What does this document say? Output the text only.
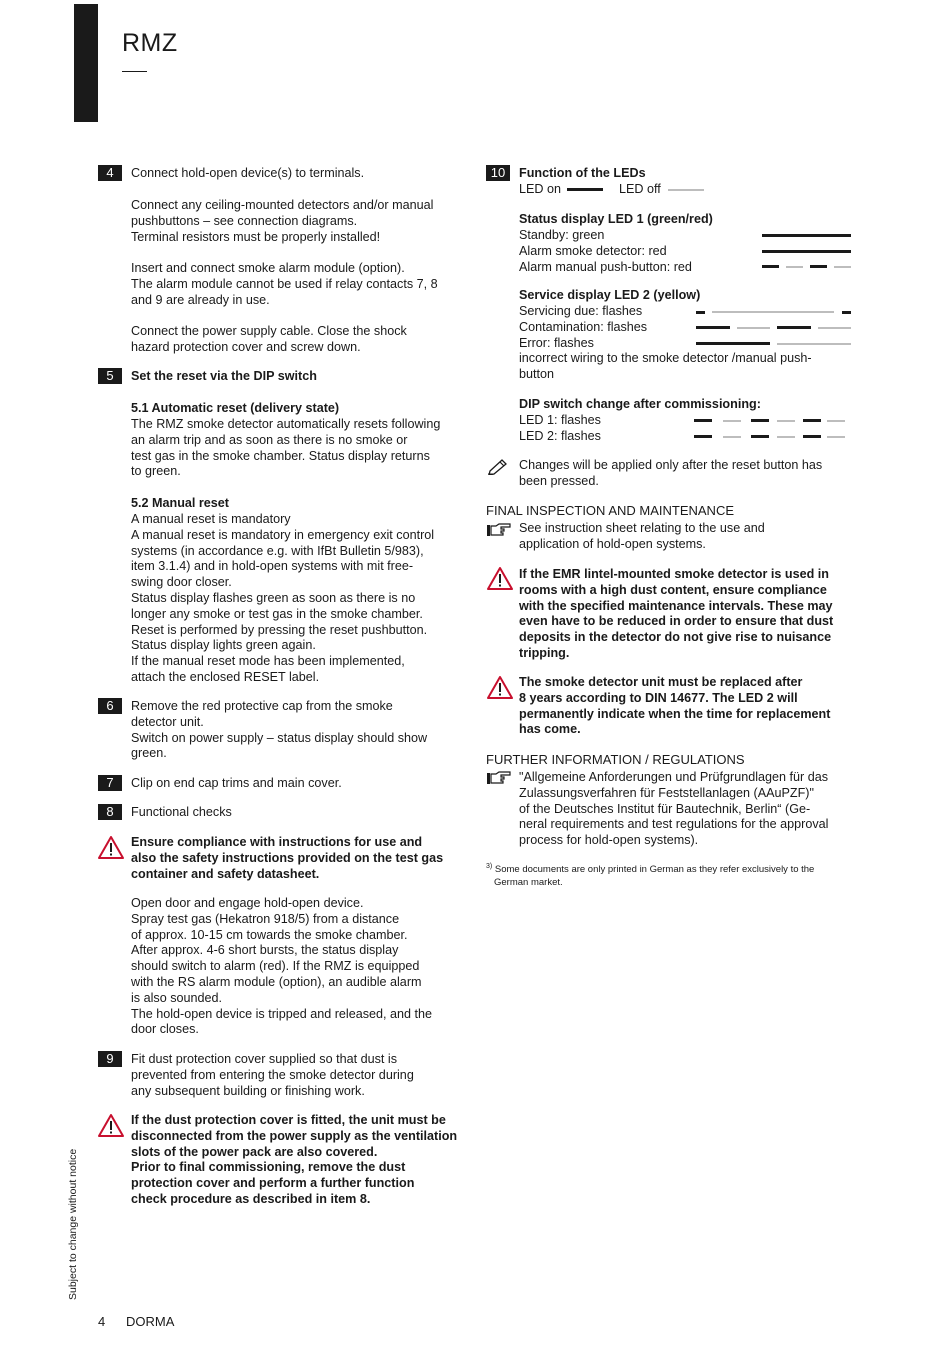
RMZ
4	Connect hold-open device(s) to terminals.
Connect any ceiling-mounted detectors and/or manual
pushbuttons – see connection diagrams.
Terminal resistors must be properly installed!
Insert and connect smoke alarm module (option).
The alarm module cannot be used if relay contacts 7, 8
and 9 are already in use.
Connect the power supply cable. Close the shock
hazard protection cover and screw down.
5	Set the reset via the DIP switch
5.1 Automatic reset (delivery state)
The RMZ smoke detector automatically resets following
an alarm trip and as soon as there is no smoke or
test gas in the smoke chamber. Status display returns
to green.
5.2 Manual reset
A manual reset is mandatory
A manual reset is mandatory in emergency exit control
systems (in accordance e.g. with IfBt Bulletin 5/983),
item 3.1.4) and in hold-open systems with mit free-
swing door closer.
Status display flashes green as soon as there is no
longer any smoke or test gas in the smoke chamber.
Reset is performed by pressing the reset pushbutton.
Status display lights green again.
If the manual reset mode has been implemented,
attach the enclosed RESET label.
6	Remove the red protective cap from the smoke
detector unit.
Switch on power supply – status display should show
green.
7	Clip on end cap trims and main cover.
8	Functional checks
Ensure compliance with instructions for use and
also the safety instructions provided on the test gas
container and safety datasheet.
Open door and engage hold-open device.
Spray test gas (Hekatron 918/5) from a distance
of approx. 10-15 cm towards the smoke chamber.
After approx. 4-6 short bursts, the status display
should switch to alarm (red). If the RMZ is equipped
with the RS alarm module (option), an audible alarm
is also sounded.
The hold-open device is tripped and released, and the
door closes.
9	Fit dust protection cover supplied so that dust is
prevented from entering the smoke detector during
any subsequent building or finishing work.
If the dust protection cover is fitted, the unit must be
disconnected from the power supply as the ventilation
slots of the power pack are also covered.
Prior to final commissioning, remove the dust
protection cover and perform a further function
check procedure as described in item 8.
10	Function of the LEDs
LED on	LED off
Status display LED 1 (green/red)
Standby: green
Alarm smoke detector: red
Alarm manual push-button: red
Service display LED 2 (yellow)
Servicing due: flashes
Contamination: flashes
Error: flashes
incorrect wiring to the smoke detector /manual push-
button
DIP switch change after commissioning:
LED 1: flashes
LED 2: flashes
Changes will be applied only after the reset button has
been pressed.
FINAL INSPECTION AND MAINTENANCE
See instruction sheet relating to the use and
application of hold-open systems.
If the EMR lintel-mounted smoke detector is used in
rooms with a high dust content, ensure compliance
with the specified maintenance intervals. These may
even have to be reduced in order to ensure that dust
deposits in the detector do not give rise to nuisance
tripping.
The smoke detector unit must be replaced after
8 years according to DIN 14677. The LED 2 will
permanently indicate when the time for replacement
has come.
FURTHER INFORMATION / REGULATIONS
"Allgemeine Anforderungen und Prüfgrundlagen für das
Zulassungsverfahren für Feststellanlagen (AAuPZF)"
of the Deutsches Institut für Bautechnik, Berlin“ (Ge-
neral requirements and test regulations for the approval
process for hold-open systems).
$^{3)}$ Some documents are only printed in German as they refer exclusively to the
German market.
Subject to change without notice
4 DORMA
